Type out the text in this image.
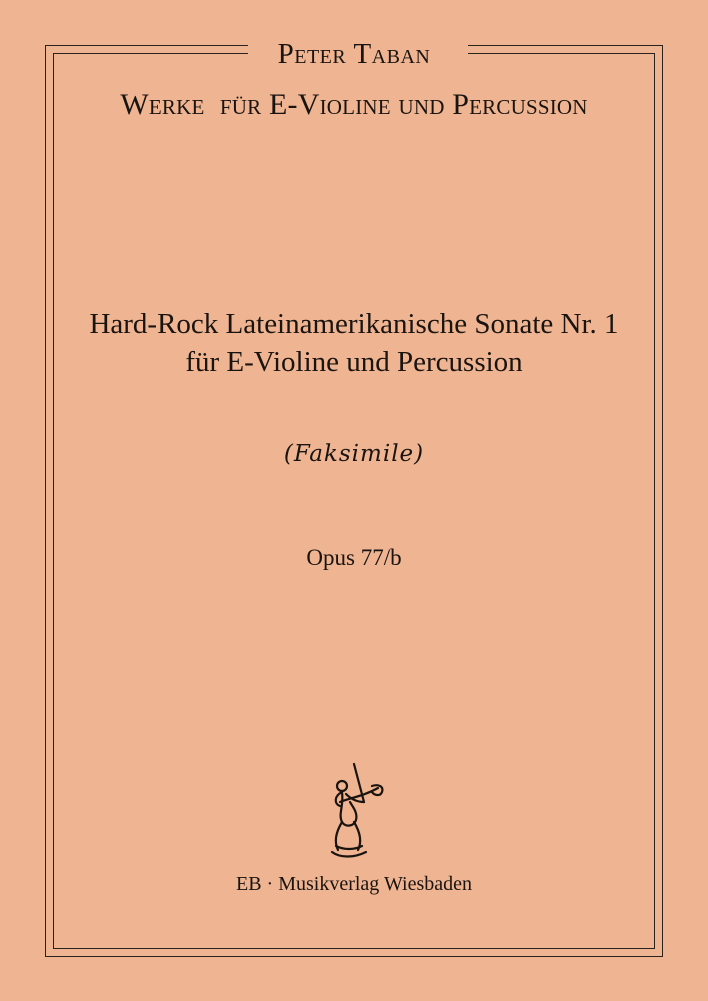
Peter Taban
Werke  für E-Violine und Percussion
Hard-Rock Lateinamerikanische Sonate Nr. 1
für E-Violine und Percussion
(Faksimile)
Opus 77/b
EB · Musikverlag Wiesbaden
